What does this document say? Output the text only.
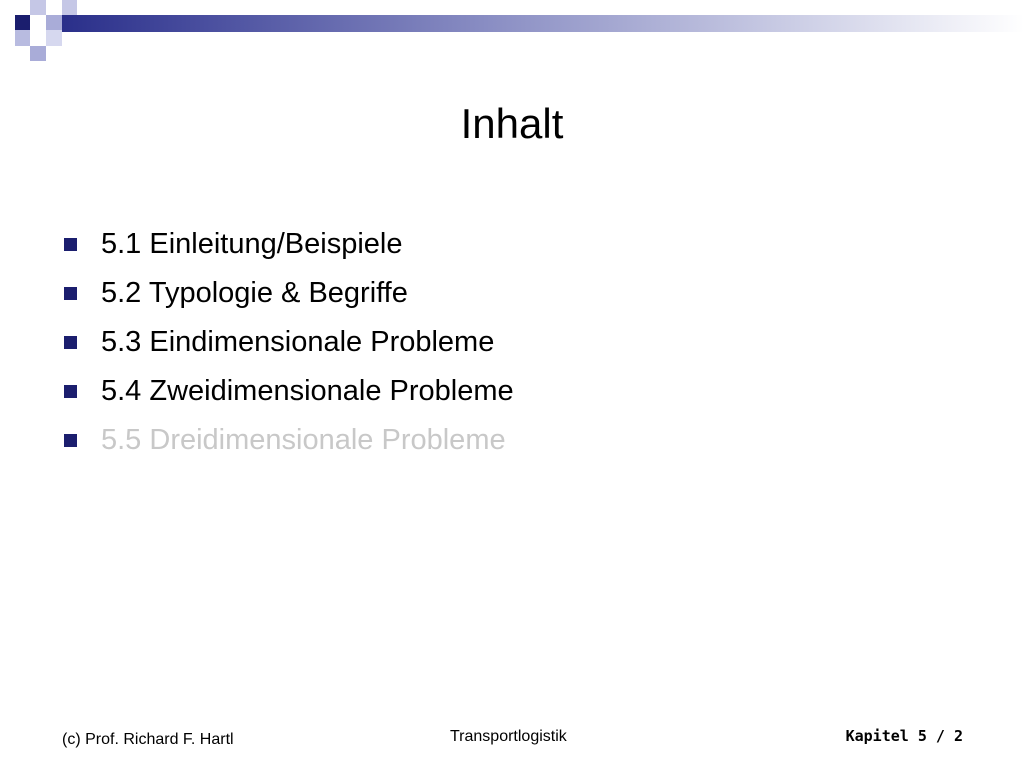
Inhalt
5.1 Einleitung/Beispiele
5.2 Typologie & Begriffe
5.3 Eindimensionale Probleme
5.4 Zweidimensionale Probleme
5.5 Dreidimensionale Probleme
(c) Prof. Richard F. Hartl	Transportlogistik	Kapitel 5 / 2
